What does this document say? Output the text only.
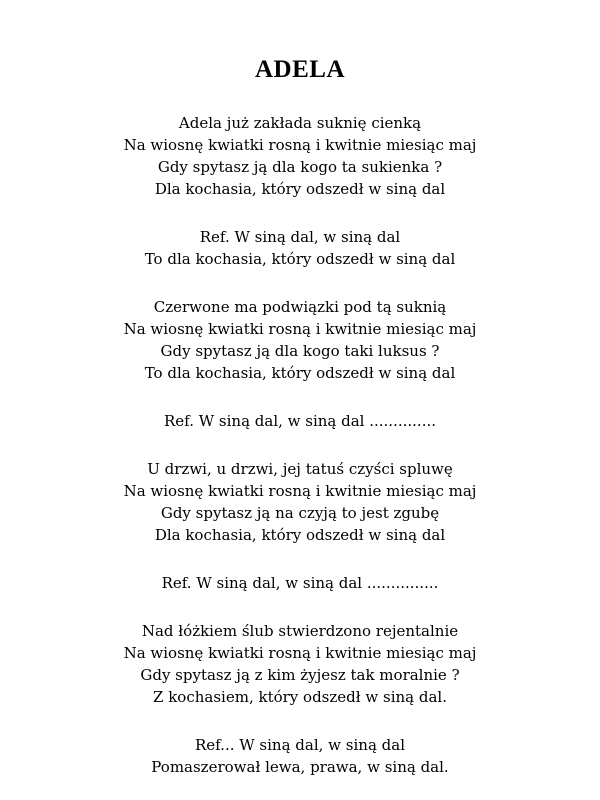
ADELA
Adela już zakłada suknię cienką
Na wiosnę kwiatki rosną i kwitnie miesiąc maj
Gdy spytasz ją dla kogo ta sukienka ?
Dla kochasia, który odszedł w siną dal
Ref. W siną dal, w siną dal
To dla kochasia, który odszedł w siną dal
Czerwone ma podwiązki pod tą suknią
Na wiosnę kwiatki rosną i kwitnie miesiąc maj
Gdy spytasz ją dla kogo taki luksus ?
To dla kochasia, który odszedł w siną dal
Ref. W siną dal, w siną dal ..............
U drzwi, u drzwi, jej tatuś czyści spluwę
Na wiosnę kwiatki rosną i kwitnie miesiąc maj
Gdy spytasz ją na czyją to jest zgubę
Dla kochasia, który odszedł w siną dal
Ref. W siną dal, w siną dal ...............
Nad łóżkiem ślub stwierdzono rejentalnie
Na wiosnę kwiatki rosną i kwitnie miesiąc maj
Gdy spytasz ją z kim żyjesz tak moralnie ?
Z kochasiem, który odszedł w siną dal.
Ref... W siną dal, w siną dal
Pomaszerował lewa, prawa, w siną dal.
